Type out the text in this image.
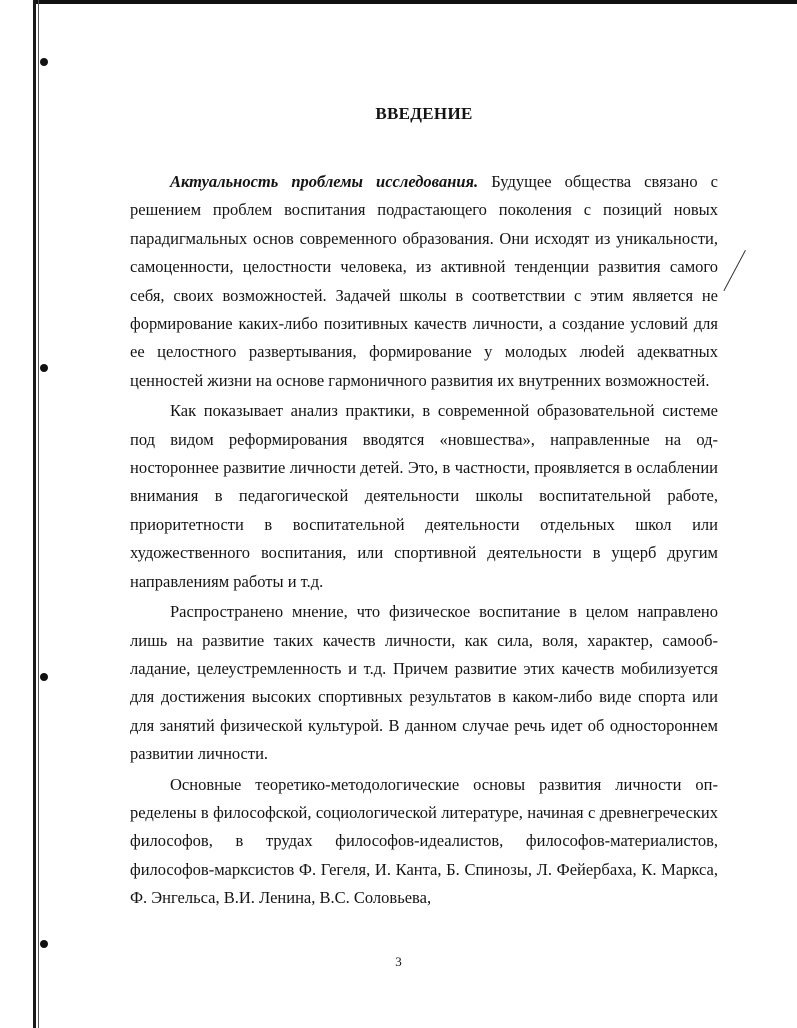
ВВЕДЕНИЕ

Актуальность проблемы исследования. Будущее общества связано с решением проблем воспитания подрастающего поколения с позиций новых парадигмальных основ современного образования. Они исходят из уникальности, самоценности, целостности человека, из активной тенденции развития самого себя, своих возможностей. Задачей школы в соответствии с этим является не формирование каких-либо позитивных качеств личности, а создание условий для ее целостного развертывания, формирование у молодых люdей адекватных ценностей жизни на основе гармоничного развития их внутренних возможностей.

Как показывает анализ практики, в современной образовательной системе под видом реформирования вводятся «новшества», направленные на одностороннее развитие личности детей. Это, в частности, проявляется в ослаблении внимания в педагогической деятельности школы воспитательной работе, приоритетности в воспитательной деятельности отдельных школ или художественного воспитания, или спортивной деятельности в ущерб другим направлениям работы и т.д.

Распространено мнение, что физическое воспитание в целом направлено лишь на развитие таких качеств личности, как сила, воля, характер, самообладание, целеустремленность и т.д. Причем развитие этих качеств мобилизуется для достижения высоких спортивных результатов в каком-либо виде спорта или для занятий физической культурой. В данном случае речь идет об одностороннем развитии личности.

Основные теоретико-методологические основы развития личности определены в философской, социологической литературе, начиная с древнегреческих философов, в трудах философов-идеалистов, философов-материалистов, философов-марксистов Ф. Гегеля, И. Канта, Б. Спинозы, Л. Фейербаха, К. Маркса, Ф. Энгельса, В.И. Ленина, B.C. Соловьева,

3
